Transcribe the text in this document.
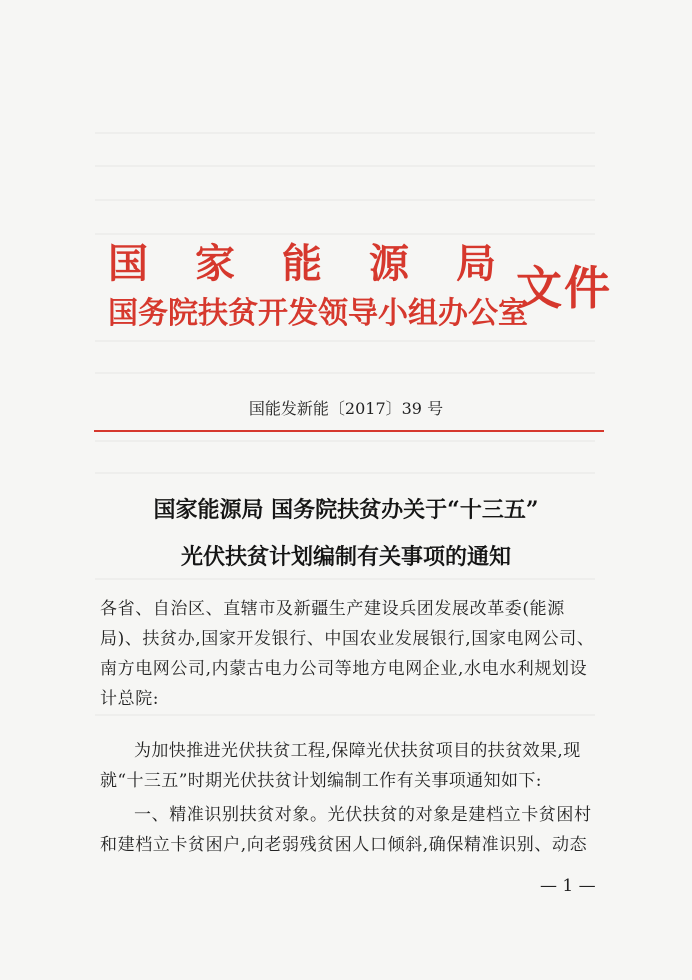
国 家 能 源 局
国务院扶贫开发领导小组办公室
文件
国能发新能〔2017〕39 号
国家能源局 国务院扶贫办关于“十三五”
光伏扶贫计划编制有关事项的通知
各省、自治区、直辖市及新疆生产建设兵团发展改革委(能源局)、扶贫办,国家开发银行、中国农业发展银行,国家电网公司、南方电网公司,内蒙古电力公司等地方电网企业,水电水利规划设计总院:
为加快推进光伏扶贫工程,保障光伏扶贫项目的扶贫效果,现就“十三五”时期光伏扶贫计划编制工作有关事项通知如下:
一、精准识别扶贫对象。光伏扶贫的对象是建档立卡贫困村和建档立卡贫困户,向老弱残贫困人口倾斜,确保精准识别、动态
— 1 —
